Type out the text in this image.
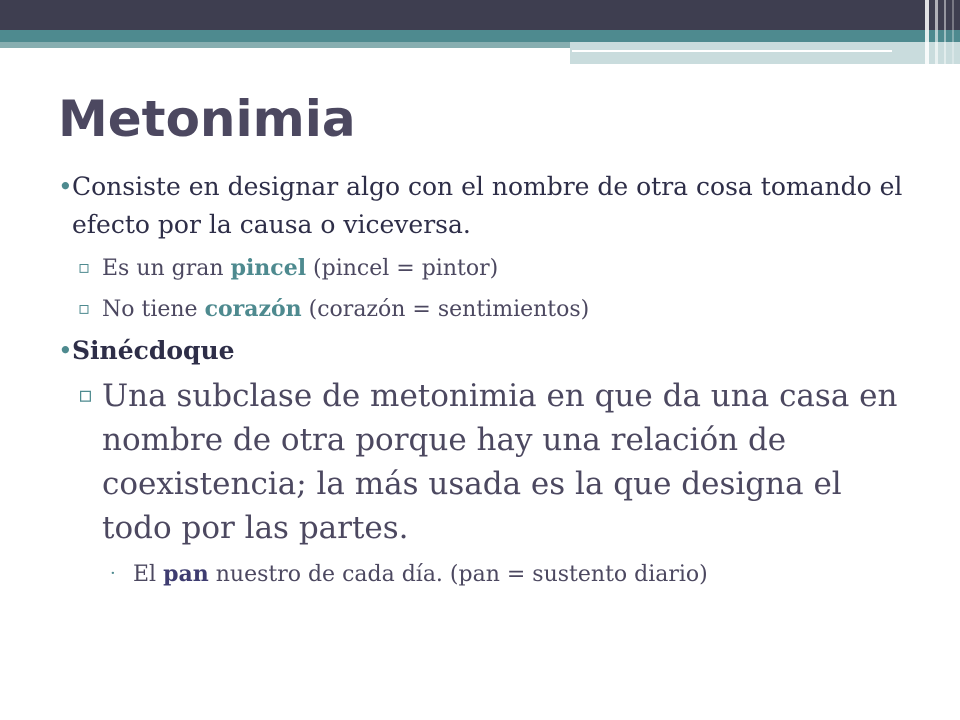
Metonimia
• Consiste en designar algo con el nombre de otra cosa tomando el efecto por la causa o viceversa.
▫ Es un gran pincel (pincel = pintor)
▫ No tiene corazón (corazón = sentimientos)
• Sinécdoque
▫ Una subclase de metonimia en que da una casa en nombre de otra porque hay una relación de coexistencia; la más usada es la que designa el todo por las partes.
· El pan nuestro de cada día. (pan = sustento diario)
